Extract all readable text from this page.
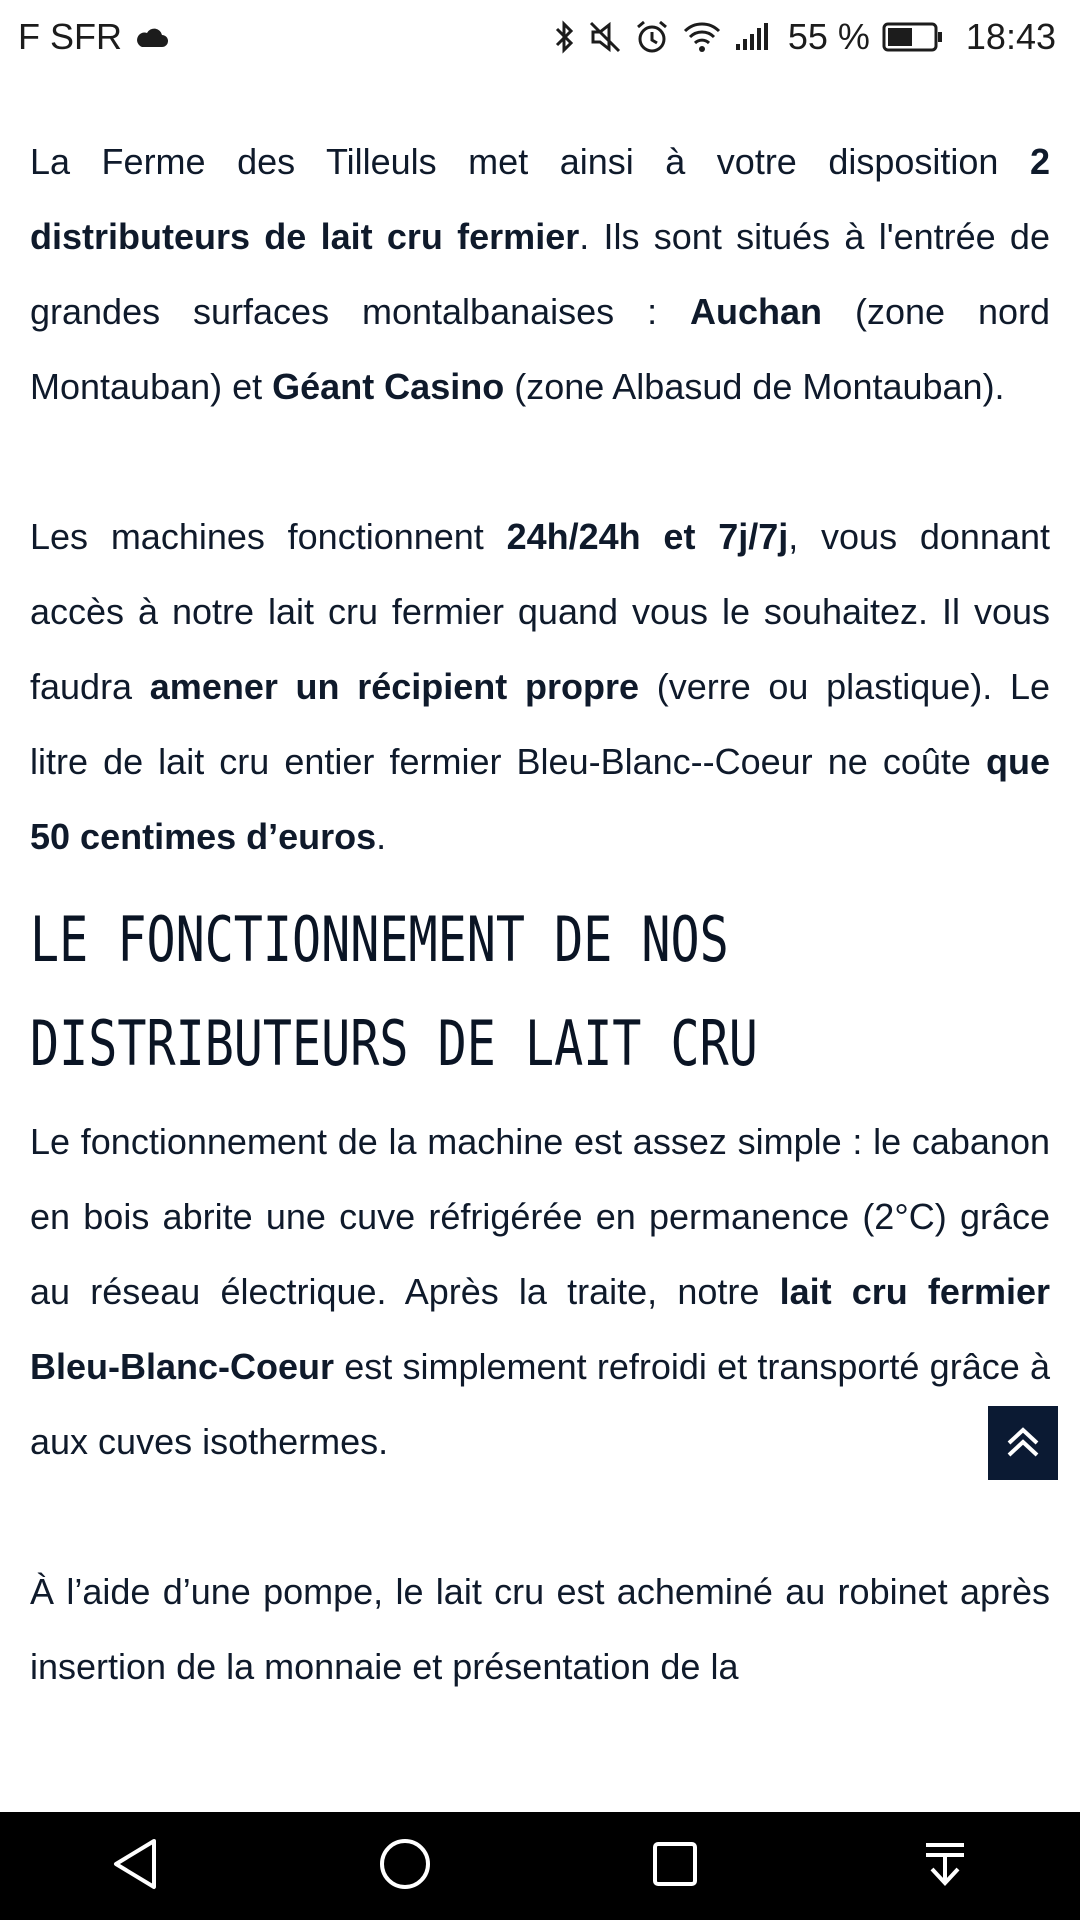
F SFR	55 %	18:43

La Ferme des Tilleuls met ainsi à votre disposition 2 distributeurs de lait cru fermier. Ils sont situés à l'entrée de grandes surfaces montalbanaises : Auchan (zone nord Montauban) et Géant Casino (zone Albasud de Montauban).

Les machines fonctionnent 24h/24h et 7j/7j, vous donnant accès à notre lait cru fermier quand vous le souhaitez. Il vous faudra amener un récipient propre (verre ou plastique). Le litre de lait cru entier fermier Bleu-Blanc--Coeur ne coûte que 50 centimes d’euros.

LE FONCTIONNEMENT DE NOS DISTRIBUTEURS DE LAIT CRU

Le fonctionnement de la machine est assez simple : le cabanon en bois abrite une cuve réfrigérée en permanence (2°C) grâce au réseau électrique. Après la traite, notre lait cru fermier Bleu-Blanc-Coeur est simplement refroidi et transporté grâce à aux cuves isothermes.

À l’aide d’une pompe, le lait cru est acheminé au robinet après insertion de la monnaie et présentation de la
